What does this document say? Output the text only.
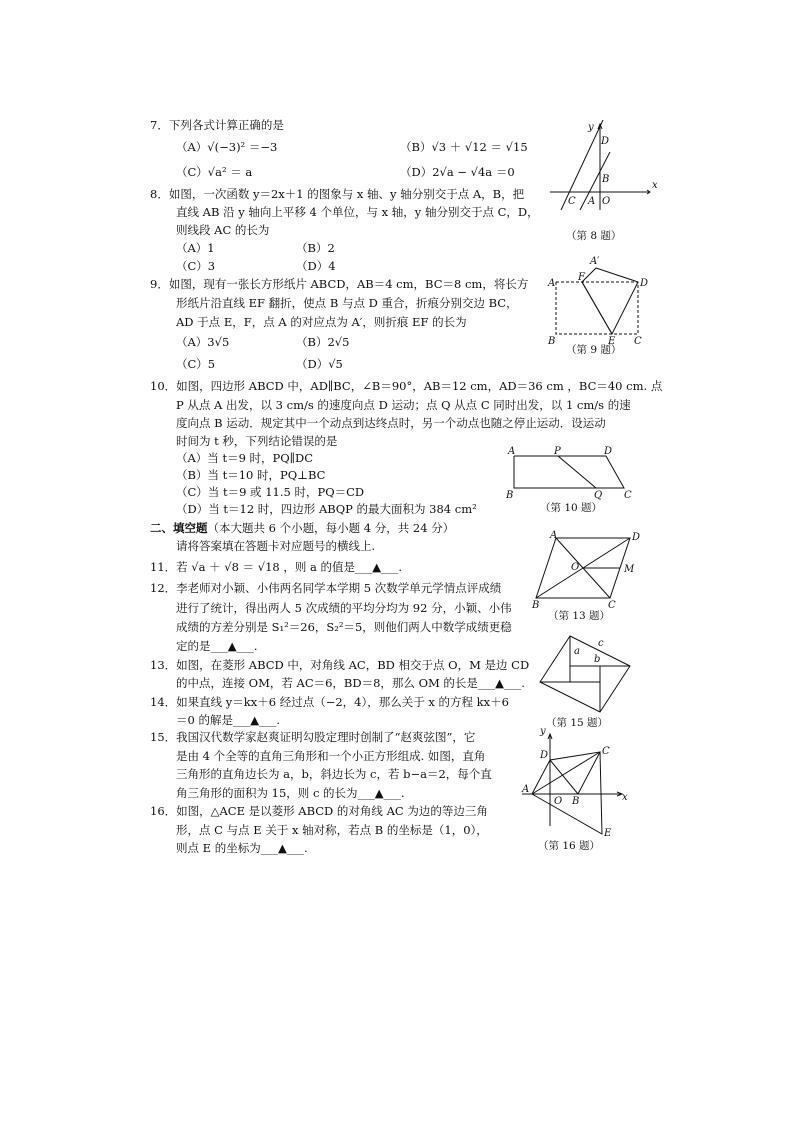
7．下列各式计算正确的是
（A）√(−3)² ＝−3	（B）√3 ＋ √12 ＝ √15
（C）√a² ＝ a	（D）2√a − √4a ＝0
8．如图，一次函数 y＝2x＋1 的图象与 x 轴、y 轴分别交于点 A，B，把
直线 AB 沿 y 轴向上平移 4 个单位，与 x 轴，y 轴分别交于点 C，D，
则线段 AC 的长为
（A）1	（B）2
（C）3	（D）4
y
x
D
B
C A O
（第 8 题）
9．如图，现有一张长方形纸片 ABCD，AB＝4 cm，BC＝8 cm，将长方
形纸片沿直线 EF 翻折，使点 B 与点 D 重合，折痕分别交边 BC，
AD 于点 E，F，点 A 的对应点为 A′，则折痕 EF 的长为
（A）3√5	（B）2√5
（C）5	（D）√5
A′
A
F
D
B	E C
（第 9 题）
10．如图，四边形 ABCD 中，AD∥BC，∠B＝90°，AB＝12 cm，AD＝36 cm ，BC＝40 cm. 点
P 从点 A 出发，以 3 cm/s 的速度向点 D 运动；点 Q 从点 C 同时出发，以 1 cm/s 的速
度向点 B 运动．规定其中一个动点到达终点时，另一个动点也随之停止运动．设运动
时间为 t 秒，下列结论错误的是
（A）当 t＝9 时，PQ∥DC
（B）当 t＝10 时，PQ⊥BC
（C）当 t＝9 或 11.5 时，PQ＝CD
（D）当 t＝12 时，四边形 ABQP 的最大面积为 384 cm²
A	P	D
B	Q C
（第 10 题）
二、填空题（本大题共 6 个小题，每小题 4 分，共 24 分）
请将答案填在答题卡对应题号的横线上.
11．若 √a ＋ √8 ＝ √18 ，则 a 的值是___▲___.
12．李老师对小颖、小伟两名同学本学期 5 次数学单元学情点评成绩
进行了统计，得出两人 5 次成绩的平均分均为 92 分，小颖、小伟
成绩的方差分别是 S₁²＝26，S₂²＝5，则他们两人中数学成绩更稳
定的是___▲___.
A	D
O	M
B	C
（第 13 题）
13．如图，在菱形 ABCD 中，对角线 AC，BD 相交于点 O，M 是边 CD
的中点，连接 OM，若 AC＝6，BD＝8，那么 OM 的长是___▲___.
14．如果直线 y＝kx＋6 经过点（−2，4），那么关于 x 的方程 kx＋6
＝0 的解是___▲___.
c
a
b
（第 15 题）
15．我国汉代数学家赵爽证明勾股定理时创制了“赵爽弦图”，它
是由 4 个全等的直角三角形和一个小正方形组成. 如图，直角
三角形的直角边长为 a，b，斜边长为 c，若 b−a＝2，每个直
角三角形的面积为 15，则 c 的长为___▲___.
16．如图，△ACE 是以菱形 ABCD 的对角线 AC 为边的等边三角
形，点 C 与点 E 关于 x 轴对称，若点 B 的坐标是（1，0），
则点 E 的坐标为___▲___.
y
D	C
A
O B	x
E
（第 16 题）
